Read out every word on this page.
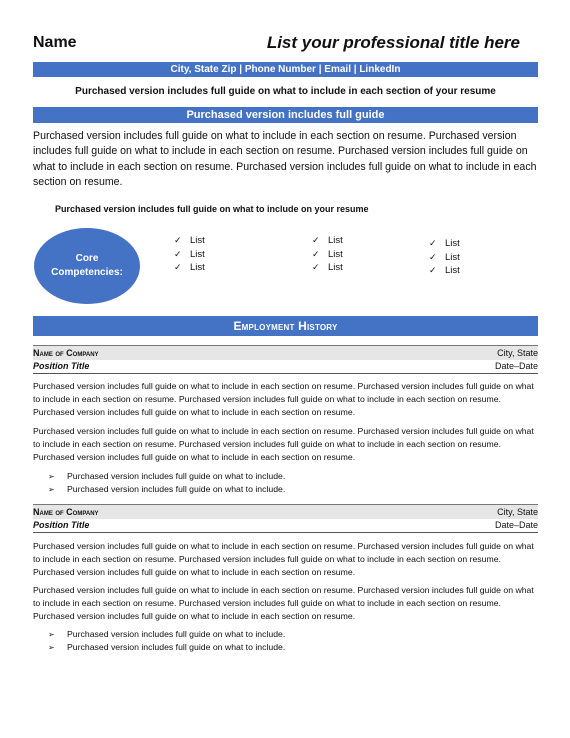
Name	List your professional title here
City, State Zip | Phone Number | Email | LinkedIn
Purchased version includes full guide on what to include in each section of your resume
Purchased version includes full guide
Purchased version includes full guide on what to include in each section on resume. Purchased version includes full guide on what to include in each section on resume. Purchased version includes full guide on what to include in each section on resume. Purchased version includes full guide on what to include in each section on resume.
Purchased version includes full guide on what to include on your resume
Core Competencies:
✓ List
✓ List
✓ List
✓ List
✓ List
✓ List
✓ List
✓ List
✓ List
Employment History
Name of Company	City, State
Position Title	Date–Date
Purchased version includes full guide on what to include in each section on resume. Purchased version includes full guide on what to include in each section on resume. Purchased version includes full guide on what to include in each section on resume. Purchased version includes full guide on what to include in each section on resume.
Purchased version includes full guide on what to include in each section on resume. Purchased version includes full guide on what to include in each section on resume. Purchased version includes full guide on what to include in each section on resume. Purchased version includes full guide on what to include in each section on resume.
➢ Purchased version includes full guide on what to include.
➢ Purchased version includes full guide on what to include.
Name of Company	City, State
Position Title	Date–Date
Purchased version includes full guide on what to include in each section on resume. Purchased version includes full guide on what to include in each section on resume. Purchased version includes full guide on what to include in each section on resume. Purchased version includes full guide on what to include in each section on resume.
Purchased version includes full guide on what to include in each section on resume. Purchased version includes full guide on what to include in each section on resume. Purchased version includes full guide on what to include in each section on resume. Purchased version includes full guide on what to include in each section on resume.
➢ Purchased version includes full guide on what to include.
➢ Purchased version includes full guide on what to include.
